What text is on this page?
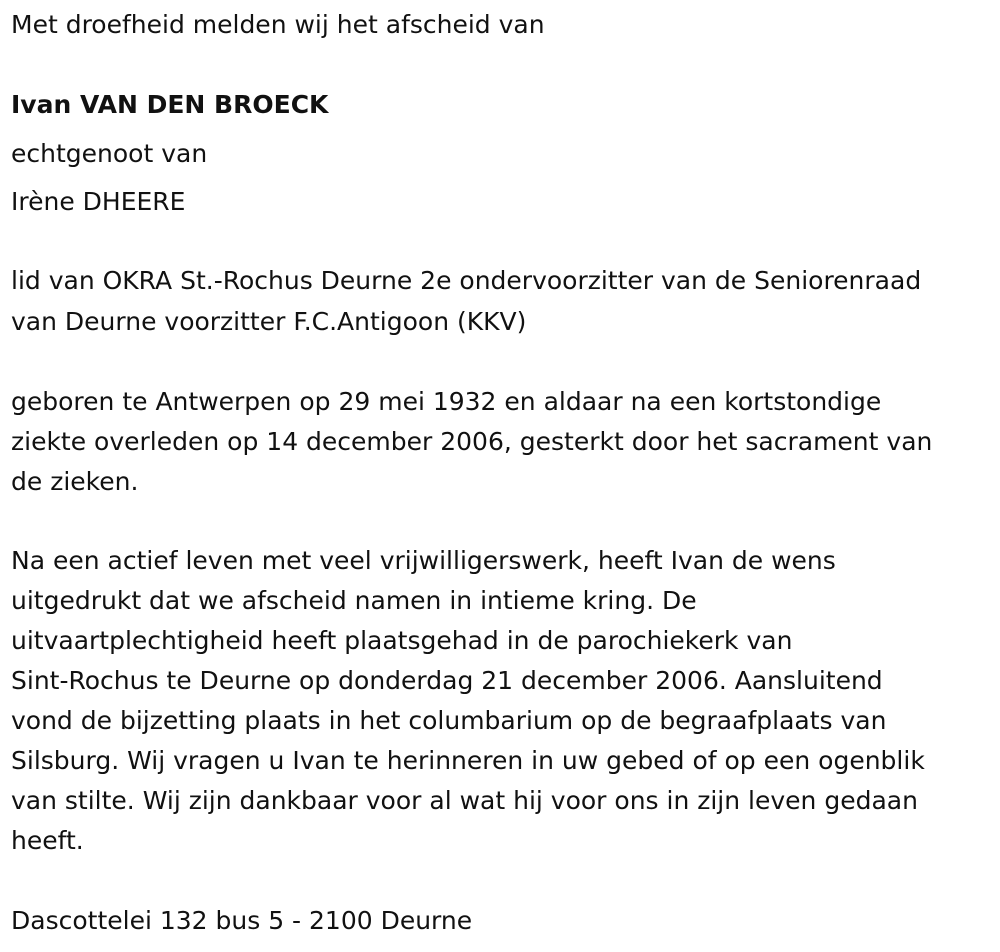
Met droefheid melden wij het afscheid van
Ivan VAN DEN BROECK
echtgenoot van
Irène DHEERE
lid van OKRA St.-Rochus Deurne 2e ondervoorzitter van de Seniorenraad
van Deurne voorzitter F.C.Antigoon (KKV)
geboren te Antwerpen op 29 mei 1932 en aldaar na een kortstondige
ziekte overleden op 14 december 2006, gesterkt door het sacrament van
de zieken.
Na een actief leven met veel vrijwilligerswerk, heeft Ivan de wens
uitgedrukt dat we afscheid namen in intieme kring. De
uitvaartplechtigheid heeft plaatsgehad in de parochiekerk van
Sint-Rochus te Deurne op donderdag 21 december 2006. Aansluitend
vond de bijzetting plaats in het columbarium op de begraafplaats van
Silsburg. Wij vragen u Ivan te herinneren in uw gebed of op een ogenblik
van stilte. Wij zijn dankbaar voor al wat hij voor ons in zijn leven gedaan
heeft.
Dascottelei 132 bus 5 - 2100 Deurne
